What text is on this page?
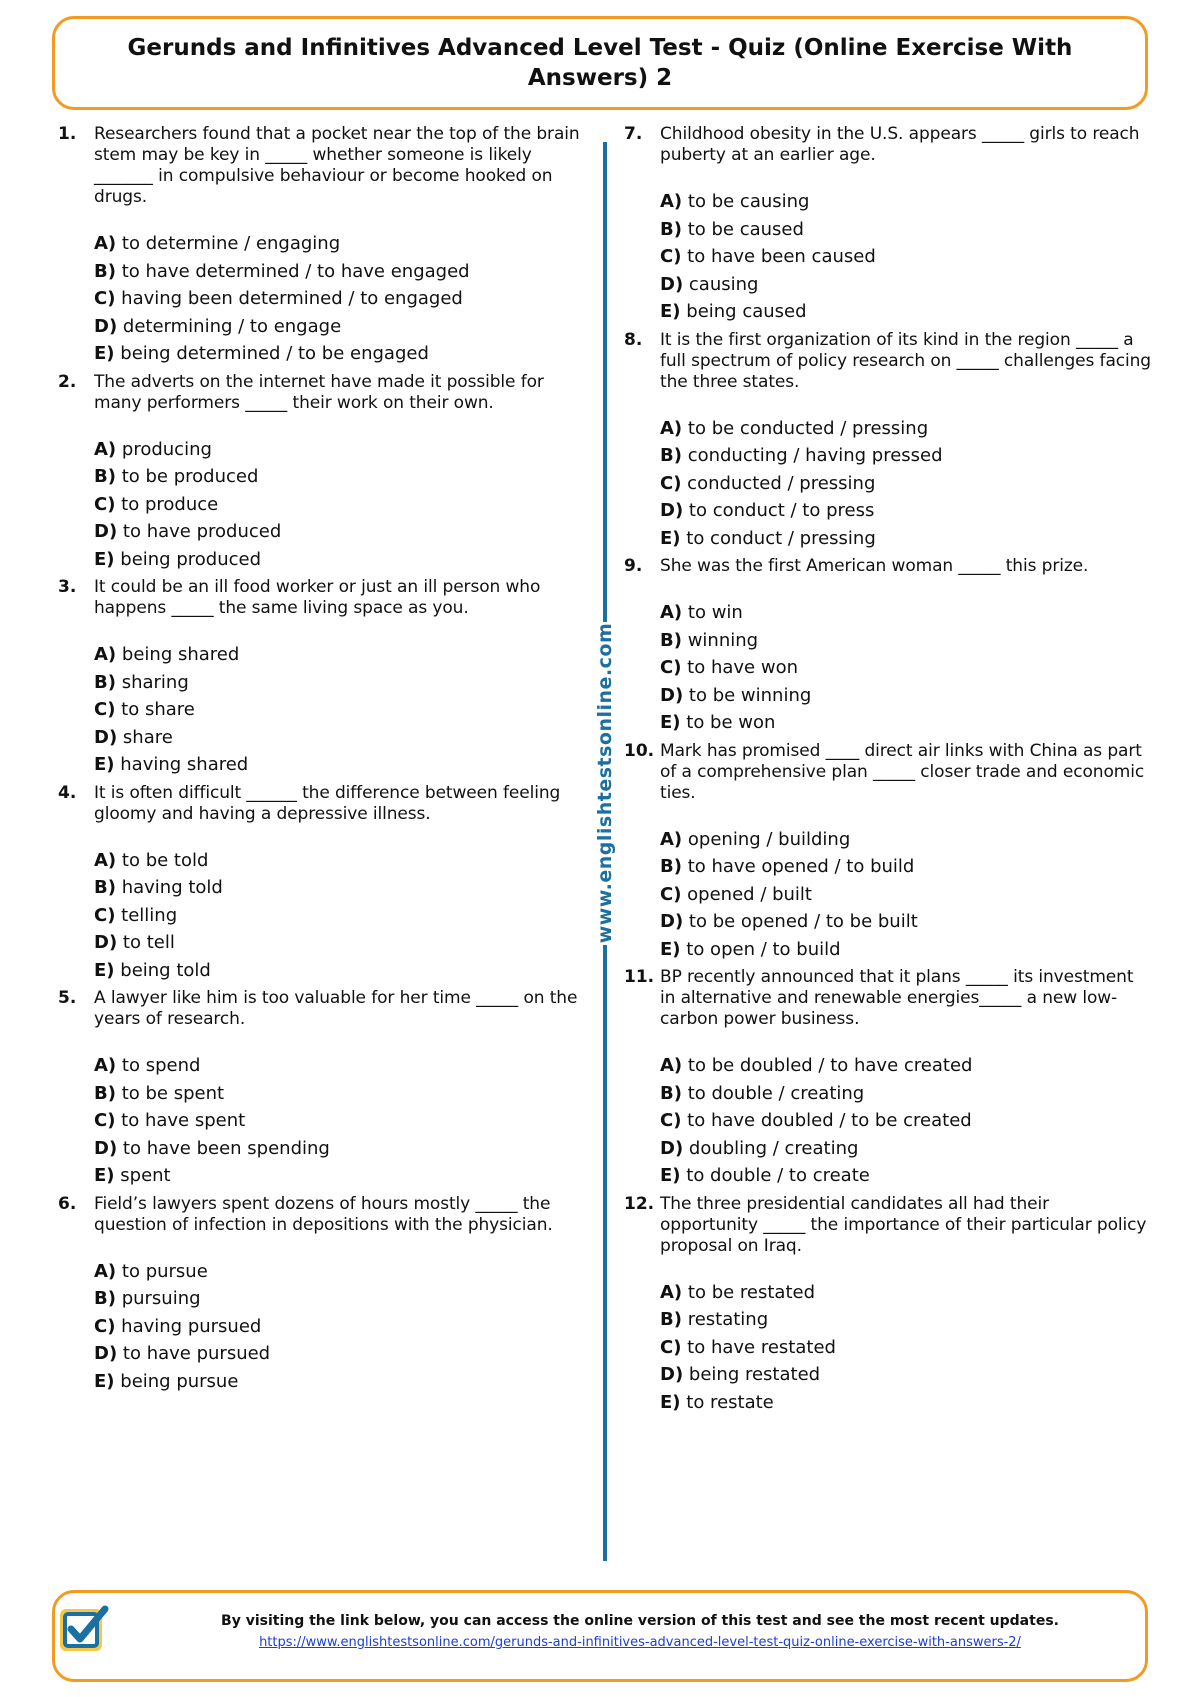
Gerunds and Infinitives Advanced Level Test - Quiz (Online Exercise With Answers) 2
1. Researchers found that a pocket near the top of the brain stem may be key in _____ whether someone is likely _______ in compulsive behaviour or become hooked on drugs.

A) to determine / engaging
B) to have determined / to have engaged
C) having been determined / to engaged
D) determining / to engage
E) being determined / to be engaged
2. The adverts on the internet have made it possible for many performers _____ their work on their own.

A) producing
B) to be produced
C) to produce
D) to have produced
E) being produced
3. It could be an ill food worker or just an ill person who happens _____ the same living space as you.

A) being shared
B) sharing
C) to share
D) share
E) having shared
4. It is often difficult ______ the difference between feeling gloomy and having a depressive illness.

A) to be told
B) having told
C) telling
D) to tell
E) being told
5. A lawyer like him is too valuable for her time _____ on the years of research.

A) to spend
B) to be spent
C) to have spent
D) to have been spending
E) spent
6. Field’s lawyers spent dozens of hours mostly _____ the question of infection in depositions with the physician.

A) to pursue
B) pursuing
C) having pursued
D) to have pursued
E) being pursue
www.englishtestsonline.com
7. Childhood obesity in the U.S. appears _____ girls to reach puberty at an earlier age.

A) to be causing
B) to be caused
C) to have been caused
D) causing
E) being caused
8. It is the first organization of its kind in the region _____ a full spectrum of policy research on _____ challenges facing the three states.

A) to be conducted / pressing
B) conducting / having pressed
C) conducted / pressing
D) to conduct / to press
E) to conduct / pressing
9. She was the first American woman _____ this prize.

A) to win
B) winning
C) to have won
D) to be winning
E) to be won
10. Mark has promised ____ direct air links with China as part of a comprehensive plan _____ closer trade and economic ties.

A) opening / building
B) to have opened / to build
C) opened / built
D) to be opened / to be built
E) to open / to build
11. BP recently announced that it plans _____ its investment in alternative and renewable energies_____ a new low-carbon power business.

A) to be doubled / to have created
B) to double / creating
C) to have doubled / to be created
D) doubling / creating
E) to double / to create
12. The three presidential candidates all had their opportunity _____ the importance of their particular policy proposal on Iraq.

A) to be restated
B) restating
C) to have restated
D) being restated
E) to restate
By visiting the link below, you can access the online version of this test and see the most recent updates.
https://www.englishtestsonline.com/gerunds-and-infinitives-advanced-level-test-quiz-online-exercise-with-answers-2/
